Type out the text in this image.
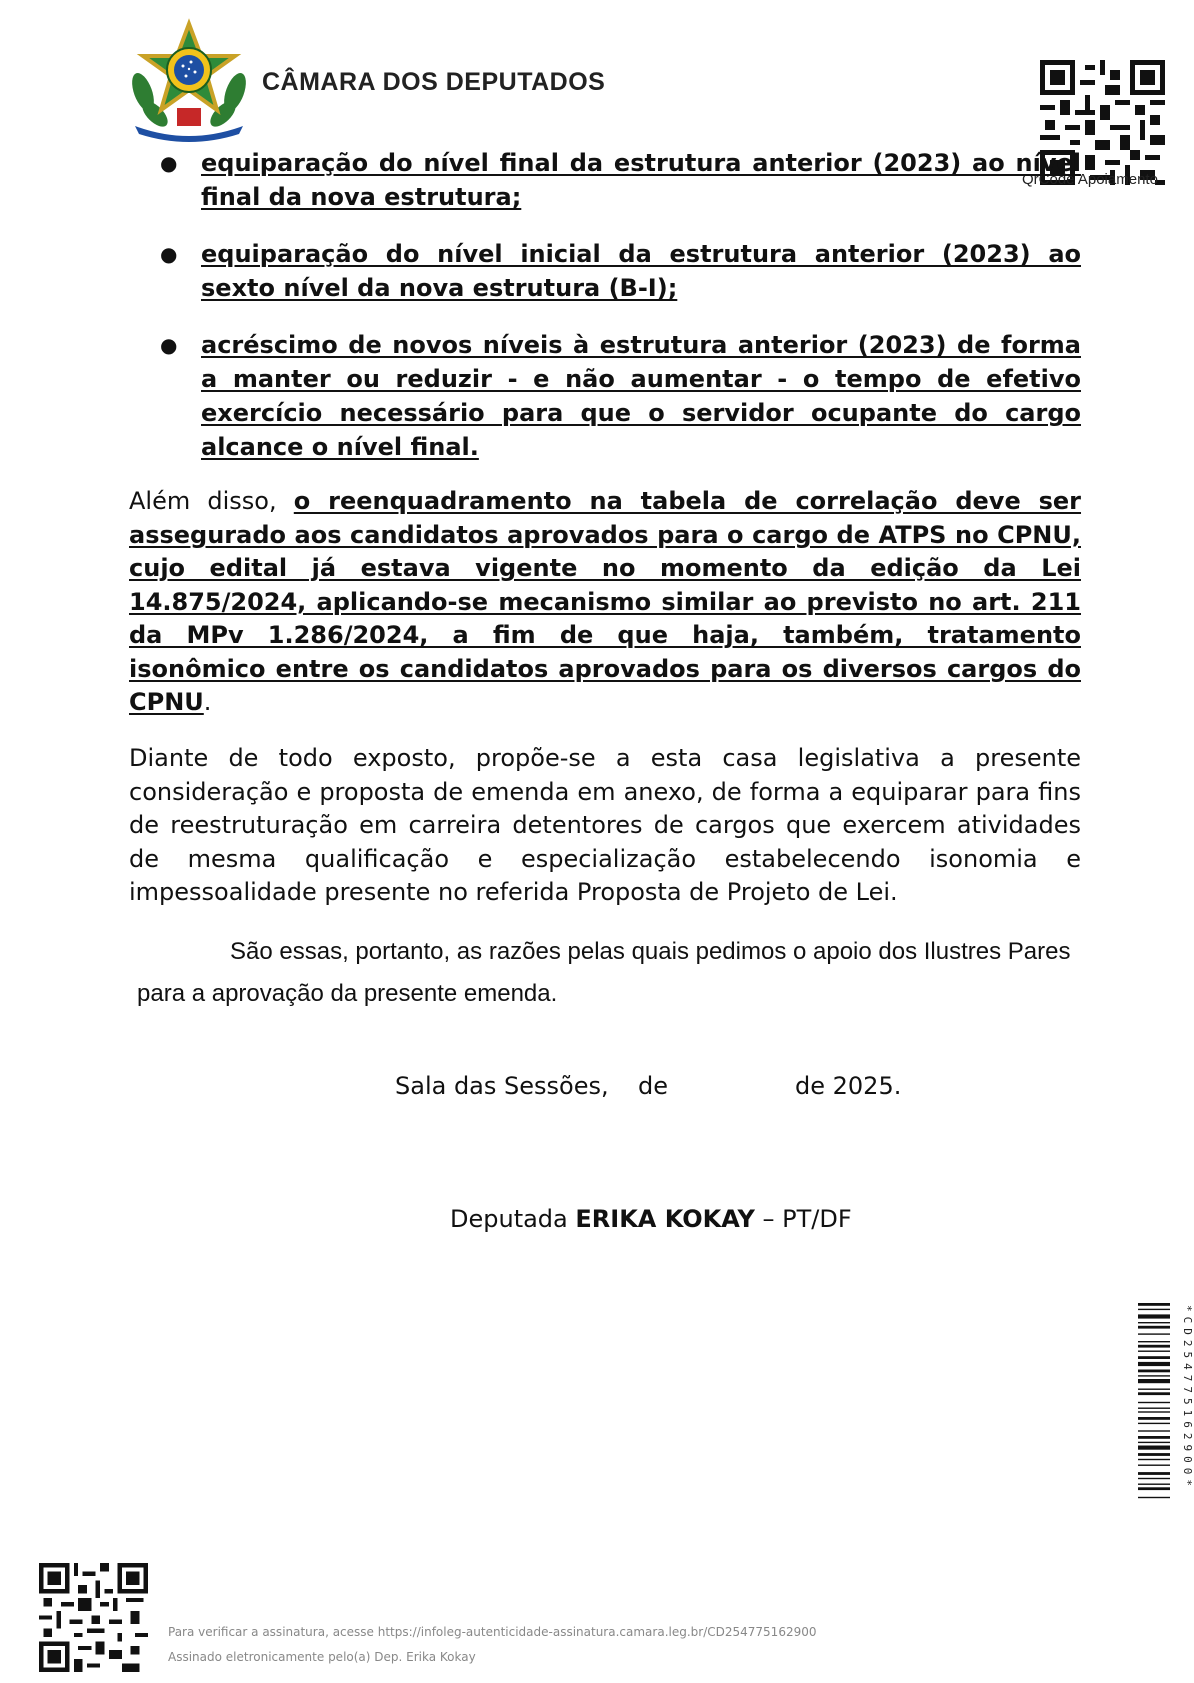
CÂMARA DOS DEPUTADOS
QrCode Apoiamento
● equiparação do nível final da estrutura anterior (2023) ao nível final da nova estrutura;
● equiparação do nível inicial da estrutura anterior (2023) ao sexto nível da nova estrutura (B-I);
● acréscimo de novos níveis à estrutura anterior (2023) de forma a manter ou reduzir - e não aumentar - o tempo de efetivo exercício necessário para que o servidor ocupante do cargo alcance o nível final.
Além disso, o reenquadramento na tabela de correlação deve ser assegurado aos candidatos aprovados para o cargo de ATPS no CPNU, cujo edital já estava vigente no momento da edição da Lei 14.875/2024, aplicando-se mecanismo similar ao previsto no art. 211 da MPv 1.286/2024, a fim de que haja, também, tratamento isonômico entre os candidatos aprovados para os diversos cargos do CPNU.
Diante de todo exposto, propõe-se a esta casa legislativa a presente consideração e proposta de emenda em anexo, de forma a equiparar para fins de reestruturação em carreira detentores de cargos que exercem atividades de mesma qualificação e especialização estabelecendo isonomia e impessoalidade presente no referida Proposta de Projeto de Lei.
São essas, portanto, as razões pelas quais pedimos o apoio dos Ilustres Pares
para a aprovação da presente emenda.
Sala das Sessões, de	de 2025.
Deputada ERIKA KOKAY – PT/DF
*CD254775162900*
Para verificar a assinatura, acesse https://infoleg-autenticidade-assinatura.camara.leg.br/CD254775162900
Assinado eletronicamente pelo(a) Dep. Erika Kokay
